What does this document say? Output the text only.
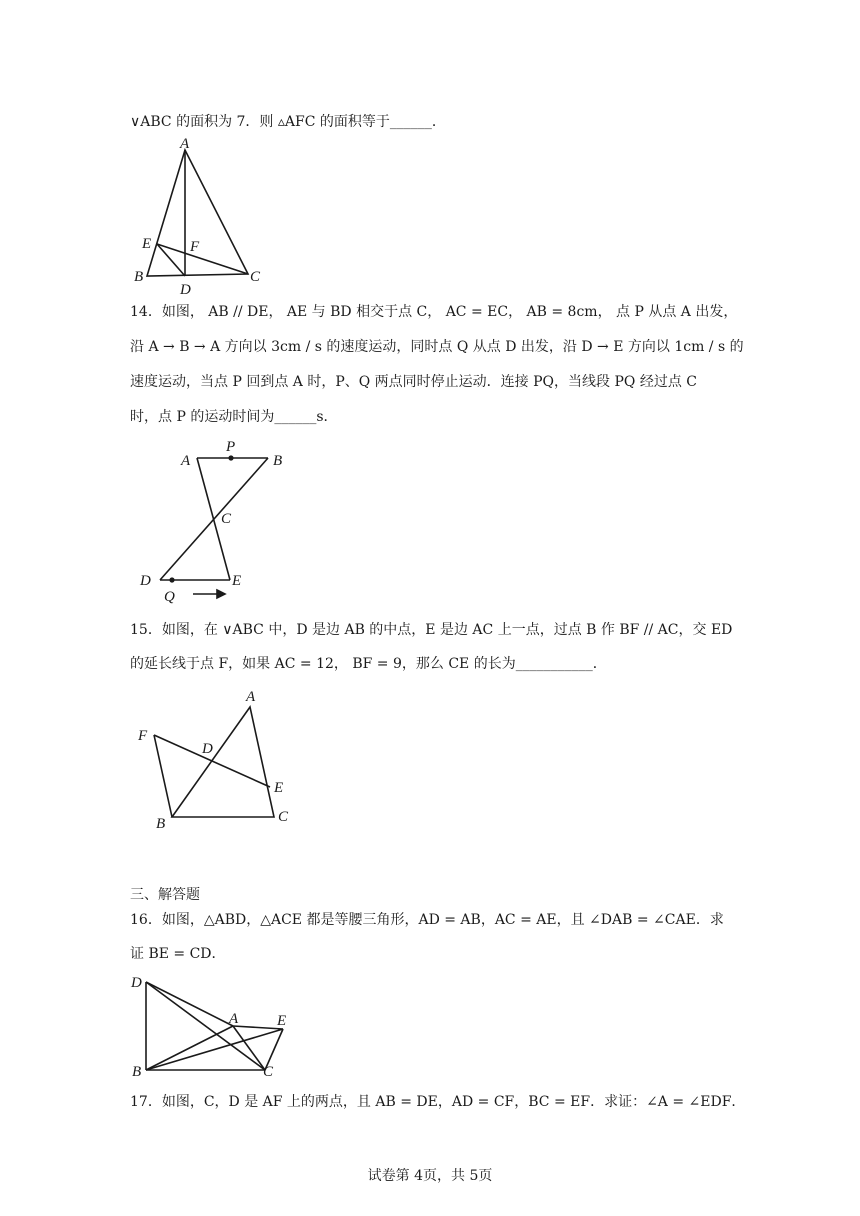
∨ABC 的面积为 7．则 ▵AFC 的面积等于______．
A
E	F
B
D
C
14．如图， AB // DE， AE 与 BD 相交于点 C， AC = EC， AB = 8cm， 点 P 从点 A 出发，
沿 A → B → A 方向以 3cm / s 的速度运动，同时点 Q 从点 D 出发，沿 D → E 方向以 1cm / s 的
速度运动，当点 P 回到点 A 时，P、Q 两点同时停止运动．连接 PQ，当线段 PQ 经过点 C
时，点 P 的运动时间为______s．
A
P
B
C
D
Q
E
15．如图，在 ∨ABC 中，D 是边 AB 的中点，E 是边 AC 上一点，过点 B 作 BF // AC，交 ED
的延长线于点 F，如果 AC = 12， BF = 9，那么 CE 的长为___________．
A
F
D
E
B	C
三、解答题
16．如图，△ABD，△ACE 都是等腰三角形，AD = AB，AC = AE，且 ∠DAB = ∠CAE．求
证 BE = CD．
D
A	E
B	C
17．如图，C，D 是 AF 上的两点，且 AB = DE，AD = CF，BC = EF．求证：∠A = ∠EDF．
试卷第 4页，共 5页
